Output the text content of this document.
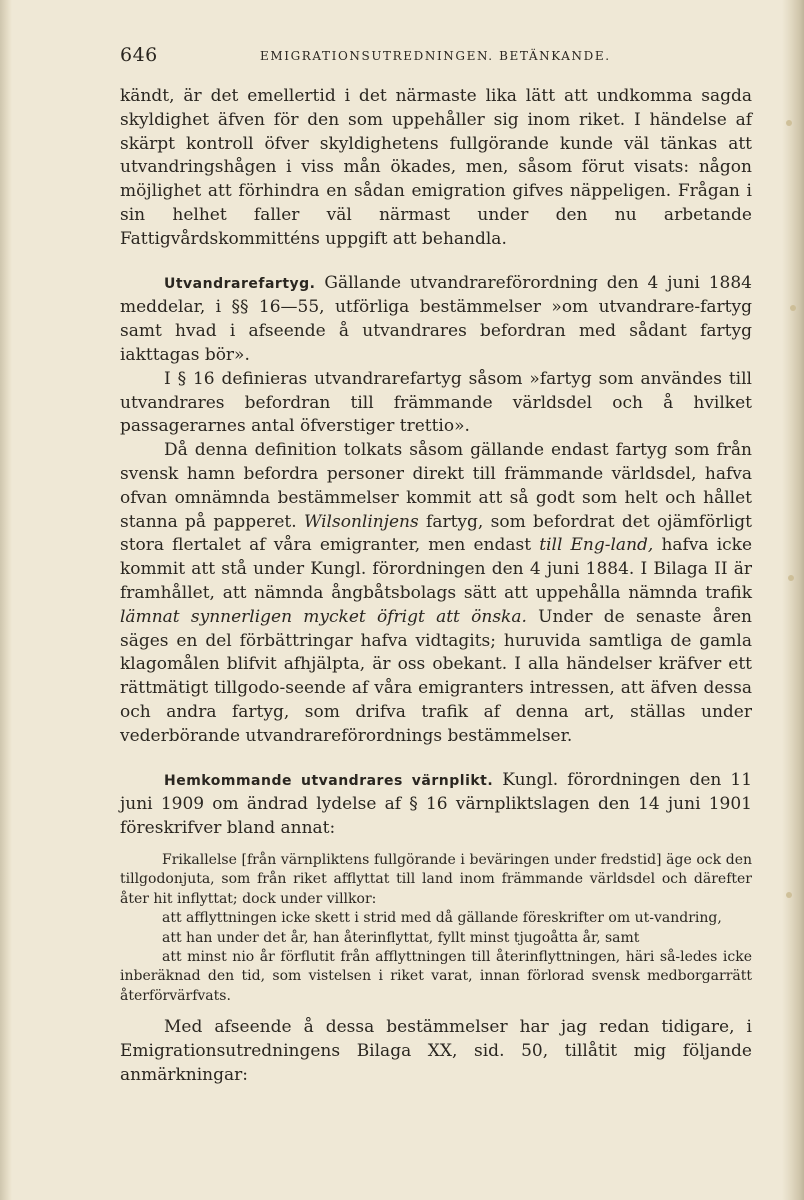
646	EMIGRATIONSUTREDNINGEN. BETÄNKANDE.

kändt, är det emellertid i det närmaste lika lätt att undkomma sagda skyldighet äfven för den som uppehåller sig inom riket. I händelse af skärpt kontroll öfver skyldighetens fullgörande kunde väl tänkas att utvandringshågen i viss mån ökades, men, såsom förut visats: någon möjlighet att förhindra en sådan emigration gifves näppeligen. Frågan i sin helhet faller väl närmast under den nu arbetande Fattigvårdskommitténs uppgift att behandla.

Utvandrarefartyg. Gällande utvandrareförordning den 4 juni 1884 meddelar, i §§ 16—55, utförliga bestämmelser »om utvandrare-fartyg samt hvad i afseende å utvandrares befordran med sådant fartyg iakttagas bör».

I § 16 definieras utvandrarefartyg såsom »fartyg som användes till utvandrares befordran till främmande världsdel och å hvilket passagerarnes antal öfverstiger trettio».

Då denna definition tolkats såsom gällande endast fartyg som från svensk hamn befordra personer direkt till främmande världsdel, hafva ofvan omnämnda bestämmelser kommit att så godt som helt och hållet stanna på papperet. Wilsonlinjens fartyg, som befordrat det ojämförligt stora flertalet af våra emigranter, men endast till Eng-land, hafva icke kommit att stå under Kungl. förordningen den 4 juni 1884. I Bilaga II är framhållet, att nämnda ångbåtsbolags sätt att uppehålla nämnda trafik lämnat synnerligen mycket öfrigt att önska. Under de senaste åren säges en del förbättringar hafva vidtagits; huruvida samtliga de gamla klagomålen blifvit afhjälpta, är oss obekant. I alla händelser kräfver ett rättmätigt tillgodo-seende af våra emigranters intressen, att äfven dessa och andra fartyg, som drifva trafik af denna art, ställas under vederbörande utvandrareförordnings bestämmelser.

Hemkommande utvandrares värnplikt. Kungl. förordningen den 11 juni 1909 om ändrad lydelse af § 16 värnpliktslagen den 14 juni 1901 föreskrifver bland annat:

Frikallelse [från värnpliktens fullgörande i beväringen under fredstid] äge ock den tillgodonjuta, som från riket afflyttat till land inom främmande världsdel och därefter åter hit inflyttat; dock under villkor:

att afflyttningen icke skett i strid med då gällande föreskrifter om ut-vandring,

att han under det år, han återinflyttat, fyllt minst tjugoåtta år, samt

att minst nio år förflutit från afflyttningen till återinflyttningen, häri så-ledes icke inberäknad den tid, som vistelsen i riket varat, innan förlorad svensk medborgarrätt återförvärfvats.

Med afseende å dessa bestämmelser har jag redan tidigare, i Emigrationsutredningens Bilaga XX, sid. 50, tillåtit mig följande anmärkningar:
